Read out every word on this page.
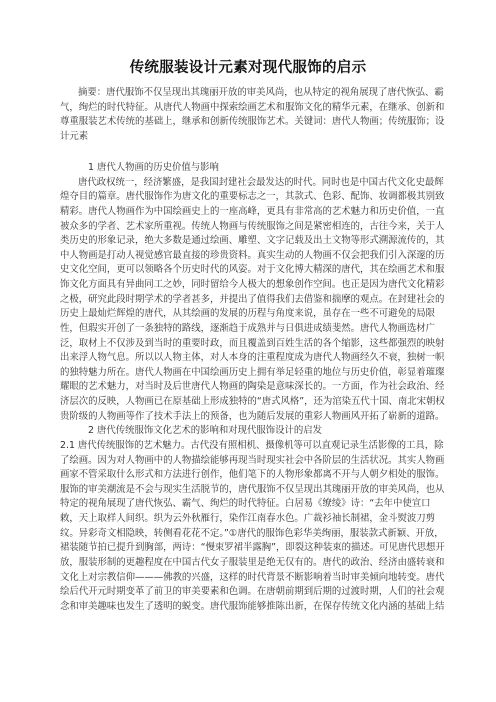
传统服装设计元素对现代服饰的启示

摘要：唐代服饰不仅呈现出其瑰丽开放的审美风尚，也从特定的视角展现了唐代恢弘、霸气，绚烂的时代特征。从唐代人物画中探索绘画艺术和服饰文化的精华元素，在继承、创新和尊重服装艺术传统的基础上，继承和创新传统服饰艺术。关键词：唐代人物画；传统服饰；设计元素

1 唐代人物画的历史价值与影响

唐代政权统一，经济繁盛，是我国封建社会最发达的时代。同时也是中国古代文化史最辉煌夺目的篇章。唐代服饰作为唐文化的重要标志之一，其款式、色彩、配饰、妆调都极其别致精彩。唐代人物画作为中国绘画史上的一座高峰，更具有非常高的艺术魅力和历史价值，一直被众多的学者、艺术家所重视。传统人物画与传统服饰之间是紧密相连的，古往今来，关于人类历史的形象记录，绝大多数是通过绘画、雕塑、文字记载及出土文物等形式溯源流传的，其中人物画是打动人视觉感官最直接的珍贵资料。真实生动的人物画不仅会把我们引入深邃的历史文化空间，更可以领略各个历史时代的风姿。对于文化博大精深的唐代，其在绘画艺术和服饰文化方面具有异曲同工之妙，同时留给今人极大的想象创作空间。也正是因为唐代文化精彩之极，研究此段时期学术的学者甚多，并提出了值得我们去借鉴和揣摩的观点。在封建社会的历史上最灿烂辉煌的唐代，从其绘画的发展的历程与角度来说，虽存在一些不可避免的局限性，但瑕实开创了一条独特的路线，逐渐趋于成熟并与日俱进成绩斐然。唐代人物画选材广泛，取材上不仅涉及到当时的重要时政，而且覆盖到百姓生活的各个缩影，这些都强烈的映射出来浮人物气息。所以以人物主体，对人本身的注重程度成为唐代人物画经久不衰，独树一帜的独特魅力所在。唐代人物画在中国绘画历史上拥有举足轻重的地位与历史价值，彰显着璀璨耀眼的艺术魅力，对当时及后世唐代人物画的陶染是意味深长的。一方面，作为社会政治、经济层次的反映，人物画已在原基础上形成独特的“唐式风格”，还为涫染五代十国、南北宋朝权贵阶级的人物画等作了技术手法上的预备，也为随后发展的重彩人物画风开拓了崭新的道路。

2 唐代传统服饰文化艺术的影响和对现代服饰设计的启发

2.1 唐代传统服饰的艺术魅力。古代没有照相机、摄像机等可以直观记录生活影像的工具，除了绘画。因为对人物画中的人物描绘能够再现当时现实社会中各阶层的生活状况。其实人物画画家不管采取什么形式和方法进行创作，他们笔下的人物形象都离不开与人朝夕相处的服饰。服饰的审美潮流是不会与现实生活脱节的，唐代服饰不仅呈现出其瑰丽开放的审美风尚，也从特定的视角展现了唐代恢弘、霸气、绚烂的时代特征。白居易《缭绫》诗：“去年中使宣口敕，天上取样人间织。织为云外秋雁行，染作江南春水色。广裁衫袖长制裙，金斗熨波刀剪纹。异彩奇文相隐映，转侧看花花不定。”①唐代的服饰色彩华美绚丽，服装款式新颖、开放，裙装随节拍已提升到胸部，两诗：“慢束罗裙半露胸”，即裂这种装束的描述。可见唐代思想开放，服装形制的更趣程度在中国古代女子服装里是绝无仅有的。唐代的政治、经济由盛转衰和文化上对宗教信仰———佛教的兴盛，这样的时代背景不断影响着当时审美倾向地转变。唐代绘后代开元时期变革了前卫的审美要素和色调。在唐朝前期到后期的过渡时期，人们的社会观念和审美趣味也发生了透明的蜕变。唐代服饰能够推陈出新，在保存传统文化内涵的基础上结
